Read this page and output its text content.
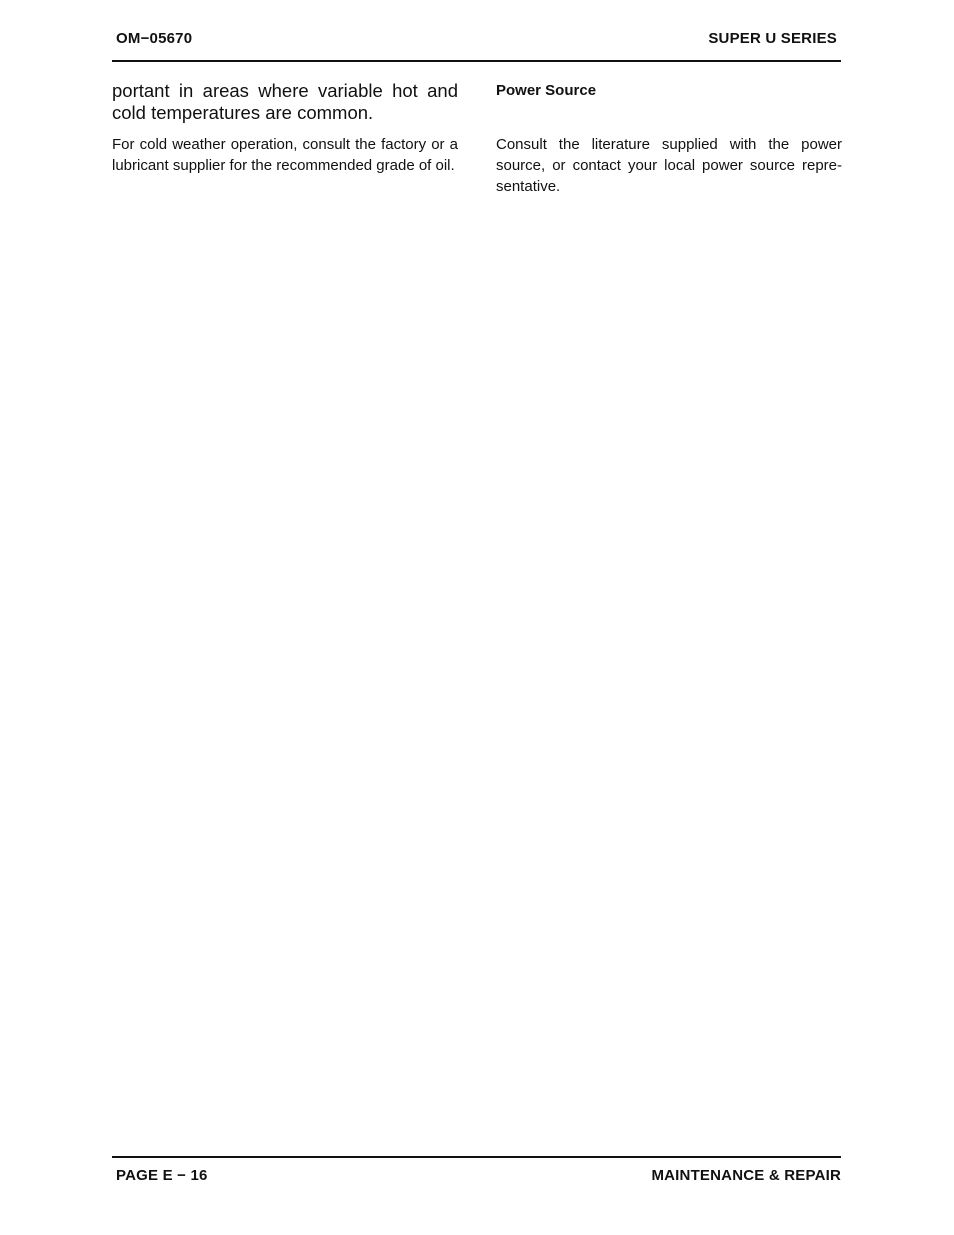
OM−05670	SUPER U SERIES

portant in areas where variable hot and cold temperatures are common.

For cold weather operation, consult the factory or a lubricant supplier for the recommended grade of oil.

Power Source

Consult the literature supplied with the power source, or contact your local power source repre-sentative.

PAGE E − 16	MAINTENANCE & REPAIR
